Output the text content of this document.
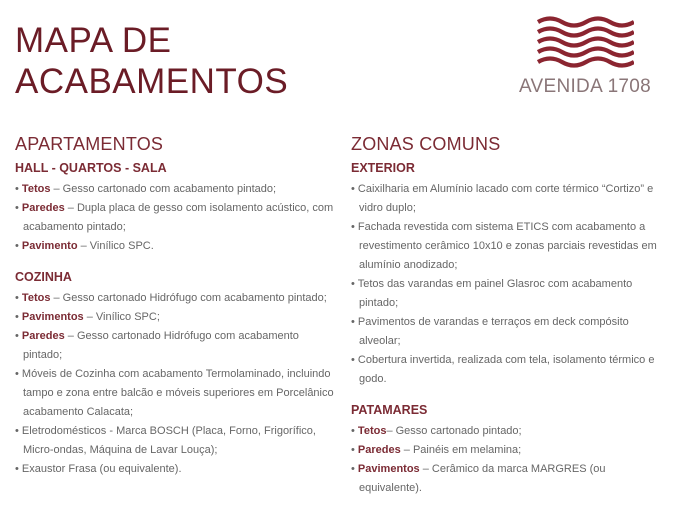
MAPA DE
ACABAMENTOS	AVENIDA 1708
APARTAMENTOS
HALL - QUARTOS - SALA
• Tetos – Gesso cartonado com acabamento pintado;
• Paredes – Dupla placa de gesso com isolamento acústico, com acabamento pintado;
• Pavimento – Vinílico SPC.
COZINHA
• Tetos – Gesso cartonado Hidrófugo com acabamento pintado;
• Pavimentos – Vinílico SPC;
• Paredes – Gesso cartonado Hidrófugo com acabamento pintado;
• Móveis de Cozinha com acabamento Termolaminado, incluindo tampo e zona entre balcão e móveis superiores em Porcelânico acabamento Calacata;
• Eletrodomésticos - Marca BOSCH (Placa, Forno, Frigorífico, Micro-ondas, Máquina de Lavar Louça);
• Exaustor Frasa (ou equivalente).
ZONAS COMUNS
EXTERIOR
• Caixilharia em Alumínio lacado com corte térmico “Cortizo” e vidro duplo;
• Fachada revestida com sistema ETICS com acabamento a revestimento cerâmico 10x10 e zonas parciais revestidas em alumínio anodizado;
• Tetos das varandas em painel Glasroc com acabamento pintado;
• Pavimentos de varandas e terraços em deck compósito alveolar;
• Cobertura invertida, realizada com tela, isolamento térmico e godo.
PATAMARES
• Tetos– Gesso cartonado pintado;
• Paredes – Painéis em melamina;
• Pavimentos – Cerâmico da marca MARGRES (ou equivalente).
